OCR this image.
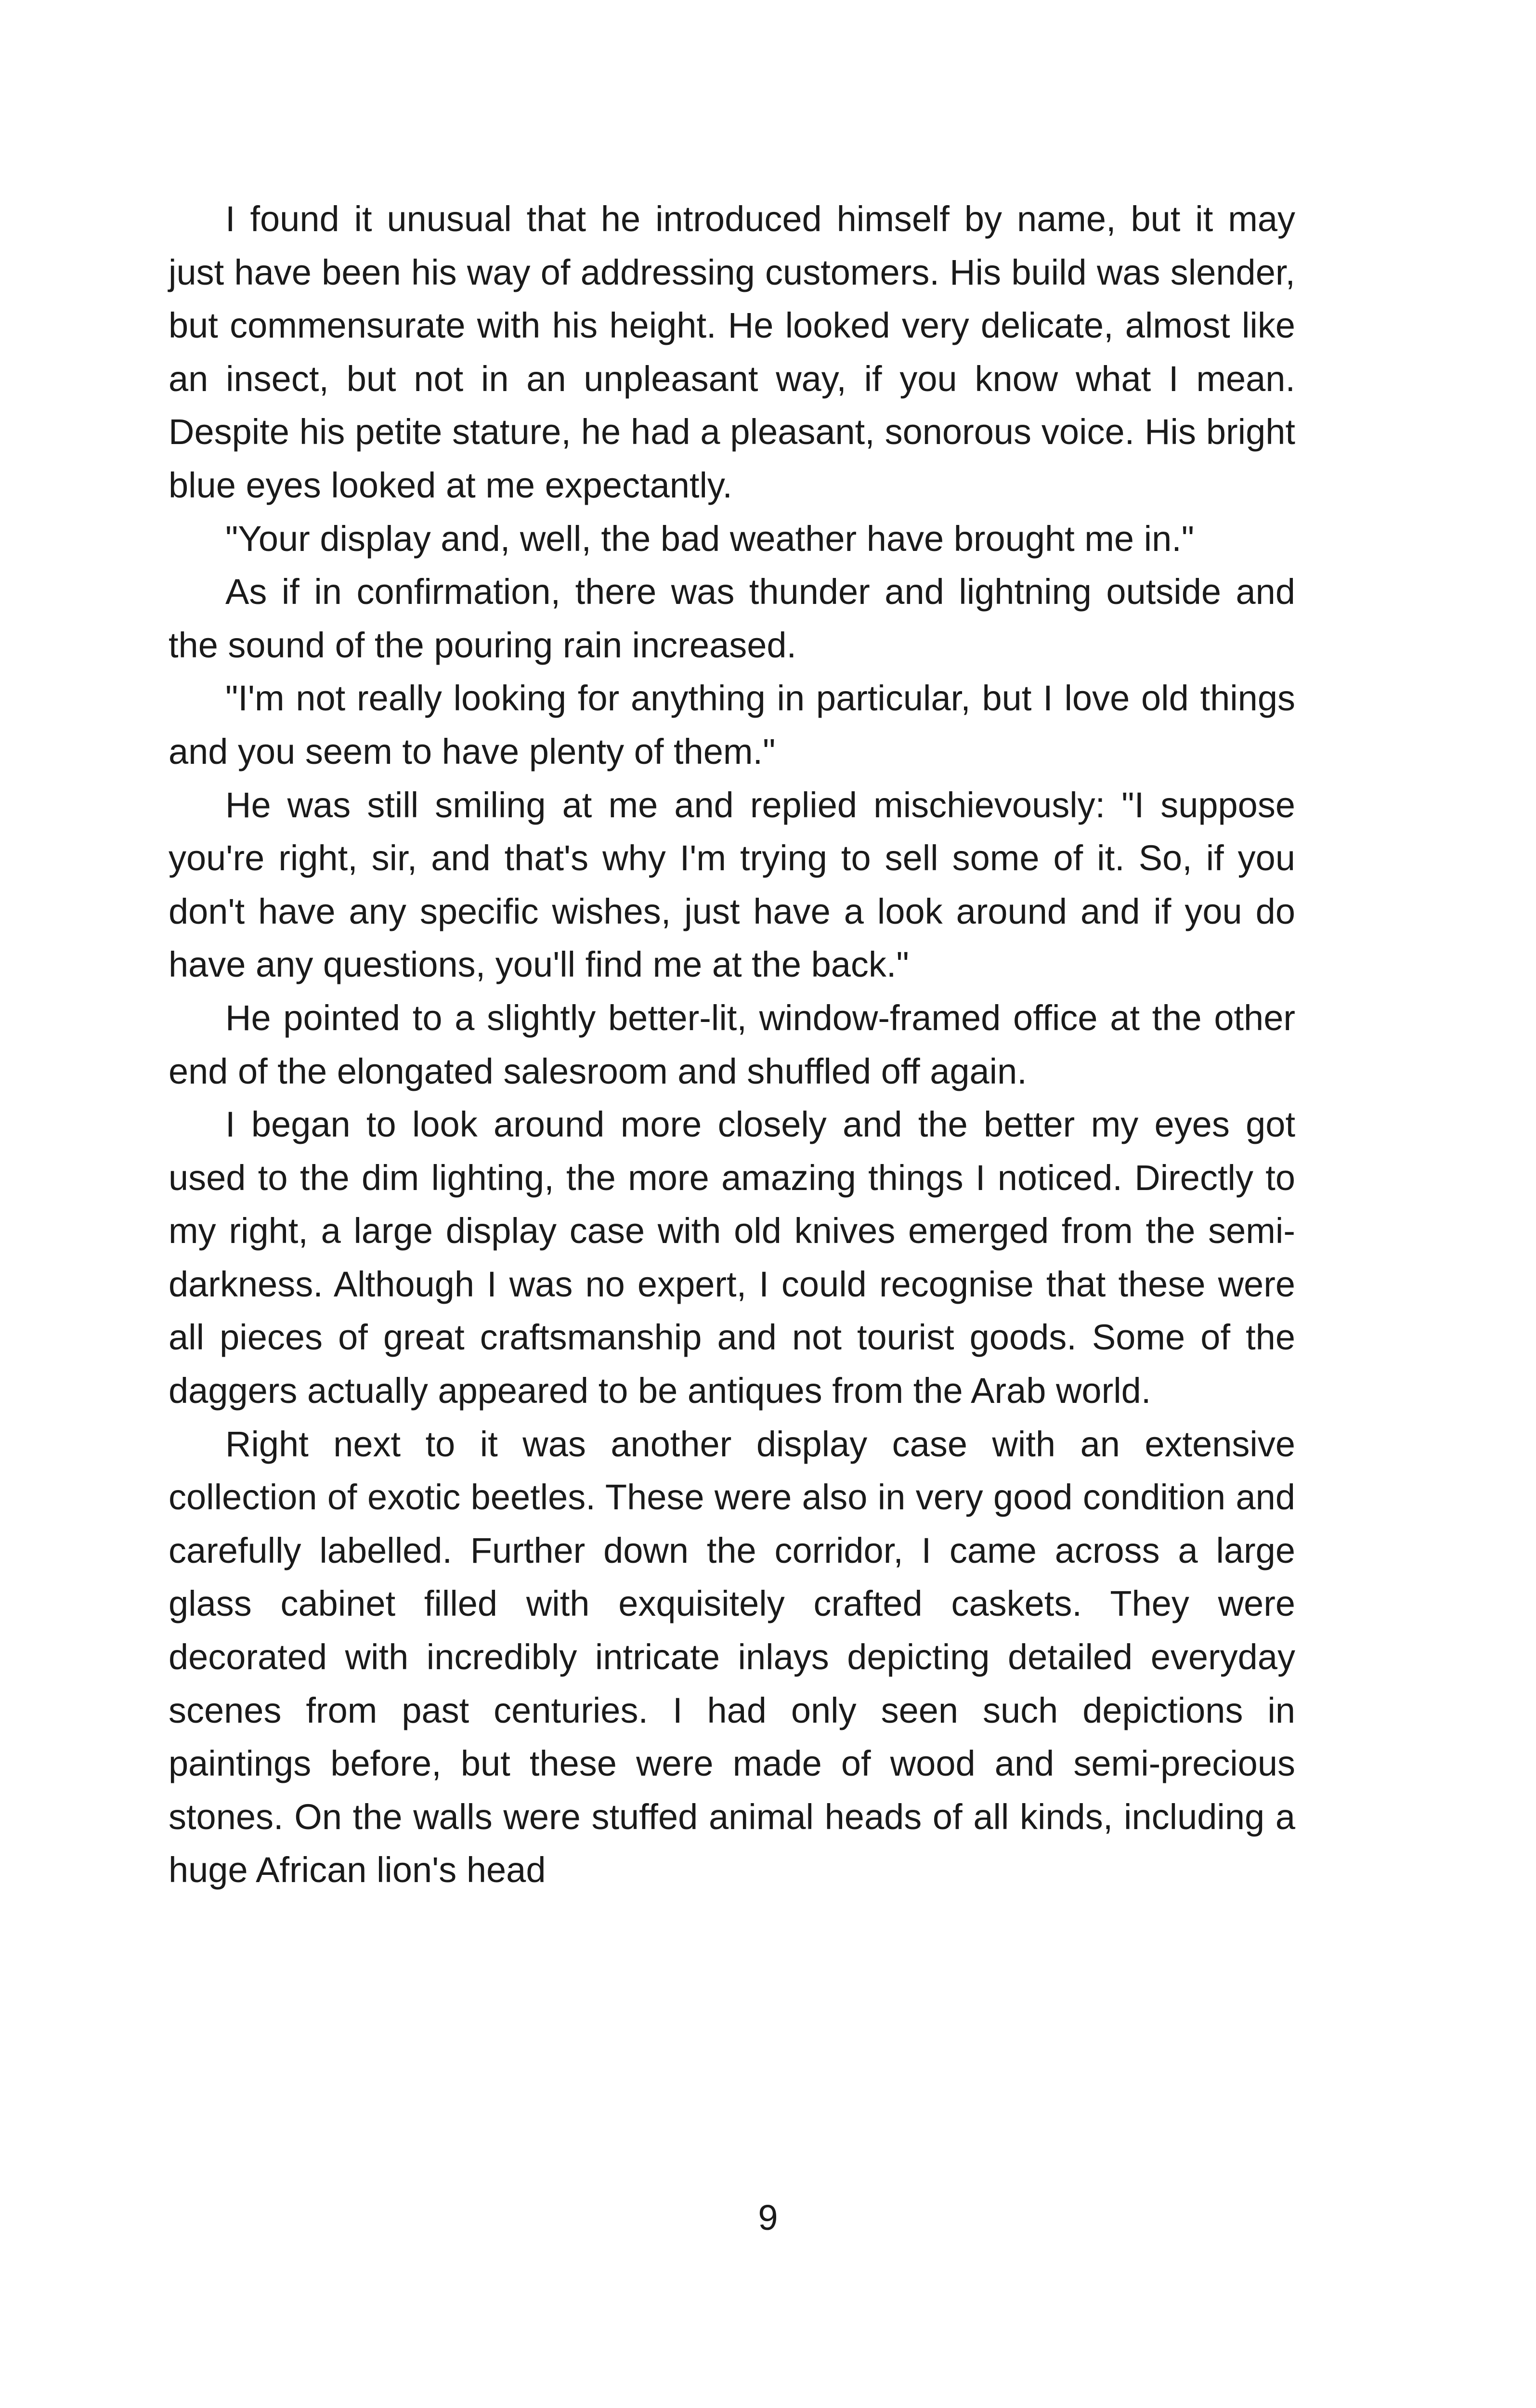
I found it unusual that he introduced himself by name, but it may just have been his way of addressing customers. His build was slender, but commensurate with his height. He looked very delicate, almost like an insect, but not in an unpleasant way, if you know what I mean. Despite his petite stature, he had a pleasant, sonorous voice. His bright blue eyes looked at me expectantly.

"Your display and, well, the bad weather have brought me in."

As if in confirmation, there was thunder and lightning outside and the sound of the pouring rain increased.

"I'm not really looking for anything in particular, but I love old things and you seem to have plenty of them."

He was still smiling at me and replied mischievously: "I suppose you're right, sir, and that's why I'm trying to sell some of it. So, if you don't have any specific wishes, just have a look around and if you do have any questions, you'll find me at the back."

He pointed to a slightly better-lit, window-framed office at the other end of the elongated salesroom and shuffled off again.

I began to look around more closely and the better my eyes got used to the dim lighting, the more amazing things I noticed. Directly to my right, a large display case with old knives emerged from the semi-darkness. Although I was no expert, I could recognise that these were all pieces of great craftsmanship and not tourist goods. Some of the daggers actually appeared to be antiques from the Arab world.

Right next to it was another display case with an extensive collection of exotic beetles. These were also in very good condition and carefully labelled. Further down the corridor, I came across a large glass cabinet filled with exquisitely crafted caskets. They were decorated with incredibly intricate inlays depicting detailed everyday scenes from past centuries. I had only seen such depictions in paintings before, but these were made of wood and semi-precious stones. On the walls were stuffed animal heads of all kinds, including a huge African lion's head

9
